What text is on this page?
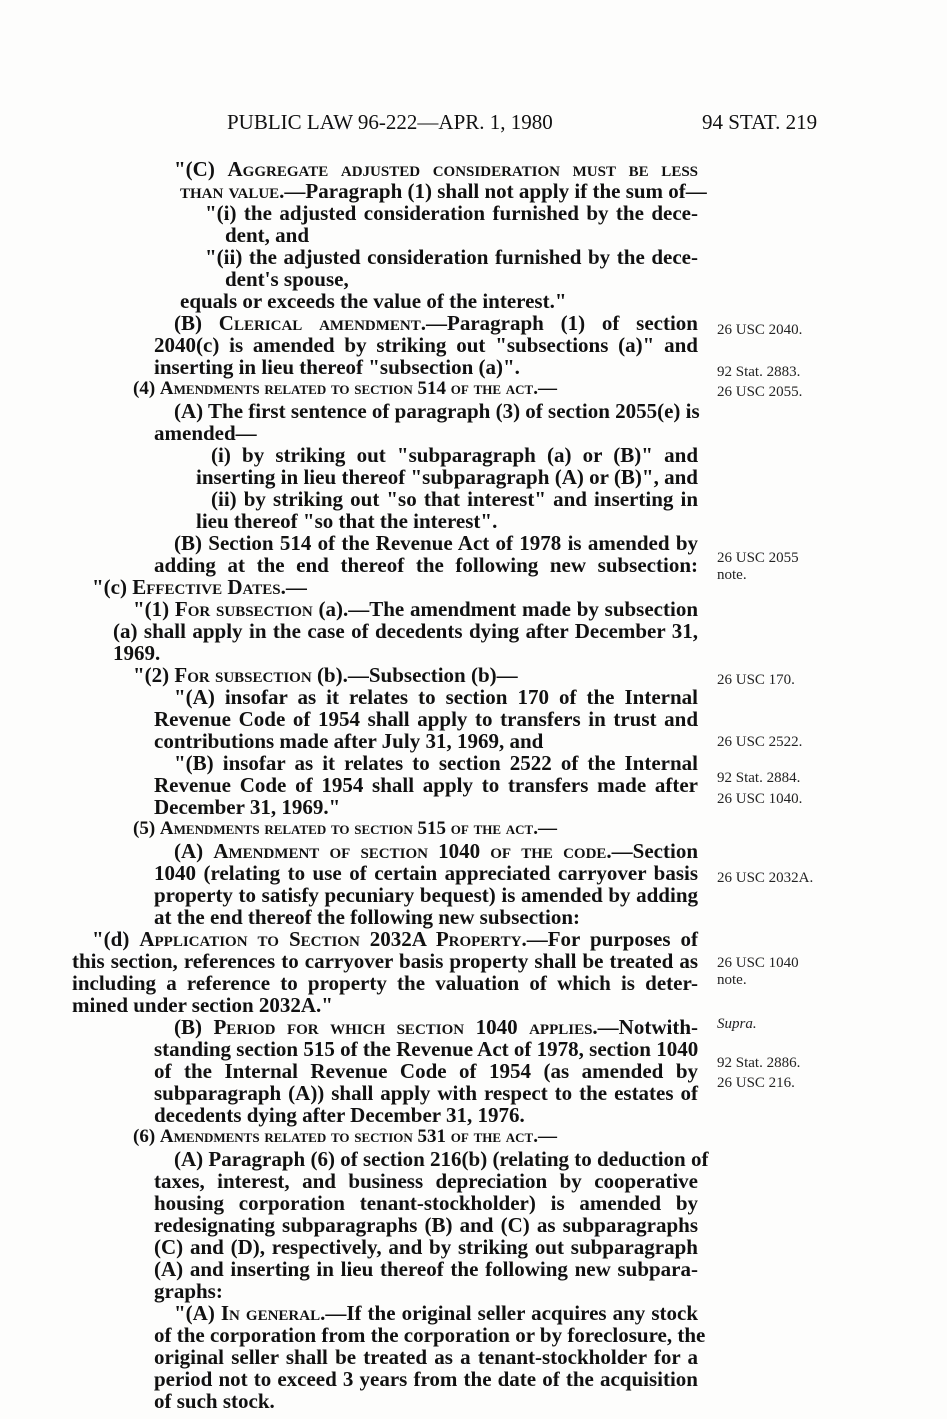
PUBLIC LAW 96-222—APR. 1, 1980	94 STAT. 219
"(C) Aggregate adjusted consideration must be less
than value.—Paragraph (1) shall not apply if the sum of—
"(i) the adjusted consideration furnished by the dece-
dent, and
"(ii) the adjusted consideration furnished by the dece-
dent's spouse,
equals or exceeds the value of the interest."
(B) Clerical amendment.—Paragraph (1) of section
2040(c) is amended by striking out "subsections (a)" and
inserting in lieu thereof "subsection (a)".
(4) Amendments related to section 514 of the act.—
(A) The first sentence of paragraph (3) of section 2055(e) is
amended—
(i) by striking out "subparagraph (a) or (B)" and
inserting in lieu thereof "subparagraph (A) or (B)", and
(ii) by striking out "so that interest" and inserting in
lieu thereof "so that the interest".
(B) Section 514 of the Revenue Act of 1978 is amended by
adding at the end thereof the following new subsection:
"(c) Effective Dates.—
"(1) For subsection (a).—The amendment made by subsection
(a) shall apply in the case of decedents dying after December 31,
1969.
"(2) For subsection (b).—Subsection (b)—
"(A) insofar as it relates to section 170 of the Internal
Revenue Code of 1954 shall apply to transfers in trust and
contributions made after July 31, 1969, and
"(B) insofar as it relates to section 2522 of the Internal
Revenue Code of 1954 shall apply to transfers made after
December 31, 1969."
(5) Amendments related to section 515 of the act.—
(A) Amendment of section 1040 of the code.—Section
1040 (relating to use of certain appreciated carryover basis
property to satisfy pecuniary bequest) is amended by adding
at the end thereof the following new subsection:
"(d) Application to Section 2032A Property.—For purposes of
this section, references to carryover basis property shall be treated as
including a reference to property the valuation of which is deter-
mined under section 2032A."
(B) Period for which section 1040 applies.—Notwith-
standing section 515 of the Revenue Act of 1978, section 1040
of the Internal Revenue Code of 1954 (as amended by
subparagraph (A)) shall apply with respect to the estates of
decedents dying after December 31, 1976.
(6) Amendments related to section 531 of the act.—
(A) Paragraph (6) of section 216(b) (relating to deduction of
taxes, interest, and business depreciation by cooperative
housing corporation tenant-stockholder) is amended by
redesignating subparagraphs (B) and (C) as subparagraphs
(C) and (D), respectively, and by striking out subparagraph
(A) and inserting in lieu thereof the following new subpara-
graphs:
"(A) In general.—If the original seller acquires any stock
of the corporation from the corporation or by foreclosure, the
original seller shall be treated as a tenant-stockholder for a
period not to exceed 3 years from the date of the acquisition
of such stock.
26 USC 2040.
92 Stat. 2883.
26 USC 2055.
26 USC 2055
note.
26 USC 170.
26 USC 2522.
92 Stat. 2884.
26 USC 1040.
26 USC 2032A.
26 USC 1040
note.
Supra.
92 Stat. 2886.
26 USC 216.
